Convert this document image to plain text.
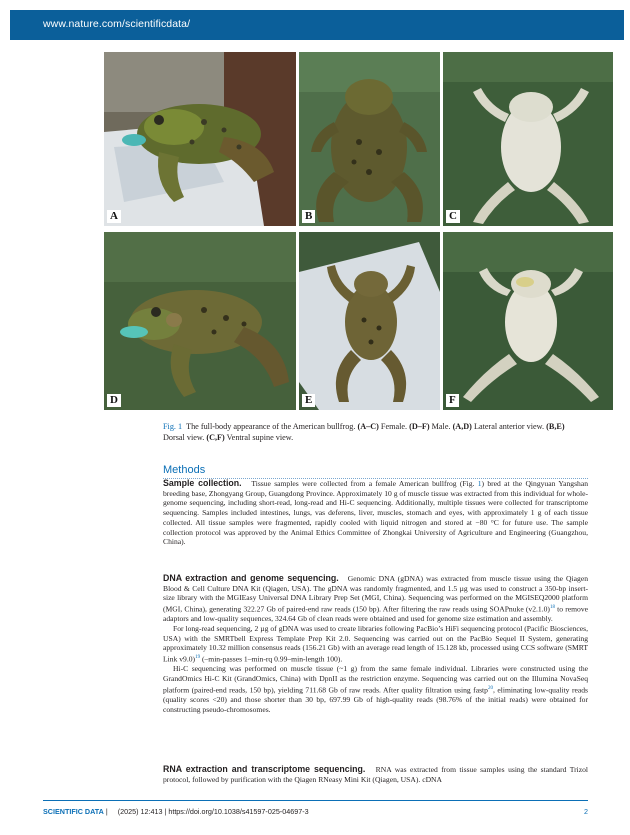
www.nature.com/scientificdata/
A	B	C
D	E	F
Fig. 1 The full-body appearance of the American bullfrog. (A–C) Female. (D–F) Male. (A,D) Lateral anterior view. (B,E) Dorsal view. (C,F) Ventral supine view.
Methods

Sample collection. Tissue samples were collected from a female American bullfrog (Fig. 1) bred at the Qingyuan Yangshan breeding base, Zhongyang Group, Guangdong Province. Approximately 10 g of muscle tissue was extracted from this individual for whole-genome sequencing, including short-read, long-read and Hi-C sequencing. Additionally, multiple tissues were collected for transcriptome sequencing. Samples included intestines, lungs, vas deferens, liver, muscles, stomach and eyes, with approximately 1 g of each tissue collected. All tissue samples were fragmented, rapidly cooled with liquid nitrogen and stored at −80 °C for future use. The sample collection protocol was approved by the Animal Ethics Committee of Zhongkai University of Agriculture and Engineering (Guangzhou, China).

DNA extraction and genome sequencing. Genomic DNA (gDNA) was extracted from muscle tissue using the Qiagen Blood & Cell Culture DNA Kit (Qiagen, USA). The gDNA was randomly fragmented, and 1.5 µg was used to construct a 350-bp insert-size library with the MGIEasy Universal DNA Library Prep Set (MGI, China). Sequencing was performed on the MGISEQ2000 platform (MGI, China), generating 322.27 Gb of paired-end raw reads (150 bp). After filtering the raw reads using SOAPnuke $(v2.1.0)^{18}$ to remove adaptors and low-quality sequences, 324.64 Gb of clean reads were obtained and used for genome size estimation and assembly.

For long-read sequencing, 2 µg of gDNA was used to create libraries following PacBio’s HiFi sequencing protocol (Pacific Biosciences, USA) with the SMRTbell Express Template Prep Kit 2.0. Sequencing was carried out on the PacBio Sequel II System, generating approximately 10.32 million consensus reads (156.21 Gb) with an average read length of 15.128 kb, processed using CCS software (SMRT Link v9.0)$^{19}$ (–min-passes 1–min-rq 0.99–min-length 100).

Hi-C sequencing was performed on muscle tissue (~1 g) from the same female individual. Libraries were constructed using the GrandOmics Hi-C Kit (GrandOmics, China) with DpnII as the restriction enzyme. Sequencing was carried out on the Illumina NovaSeq platform (paired-end reads, 150 bp), yielding 711.68 Gb of raw reads. After quality filtration using fastp$^{20}$, eliminating low-quality reads (quality scores <20) and those shorter than 30 bp, 697.99 Gb of high-quality reads (98.76% of the initial reads) were obtained for constructing pseudo-chromosomes.

RNA extraction and transcriptome sequencing. RNA was extracted from tissue samples using the standard Trizol protocol, followed by purification with the Qiagen RNeasy Mini Kit (Qiagen, USA). cDNA

SCIENTIFIC DATA | (2025) 12:413 | https://doi.org/10.1038/s41597-025-04697-3	2
